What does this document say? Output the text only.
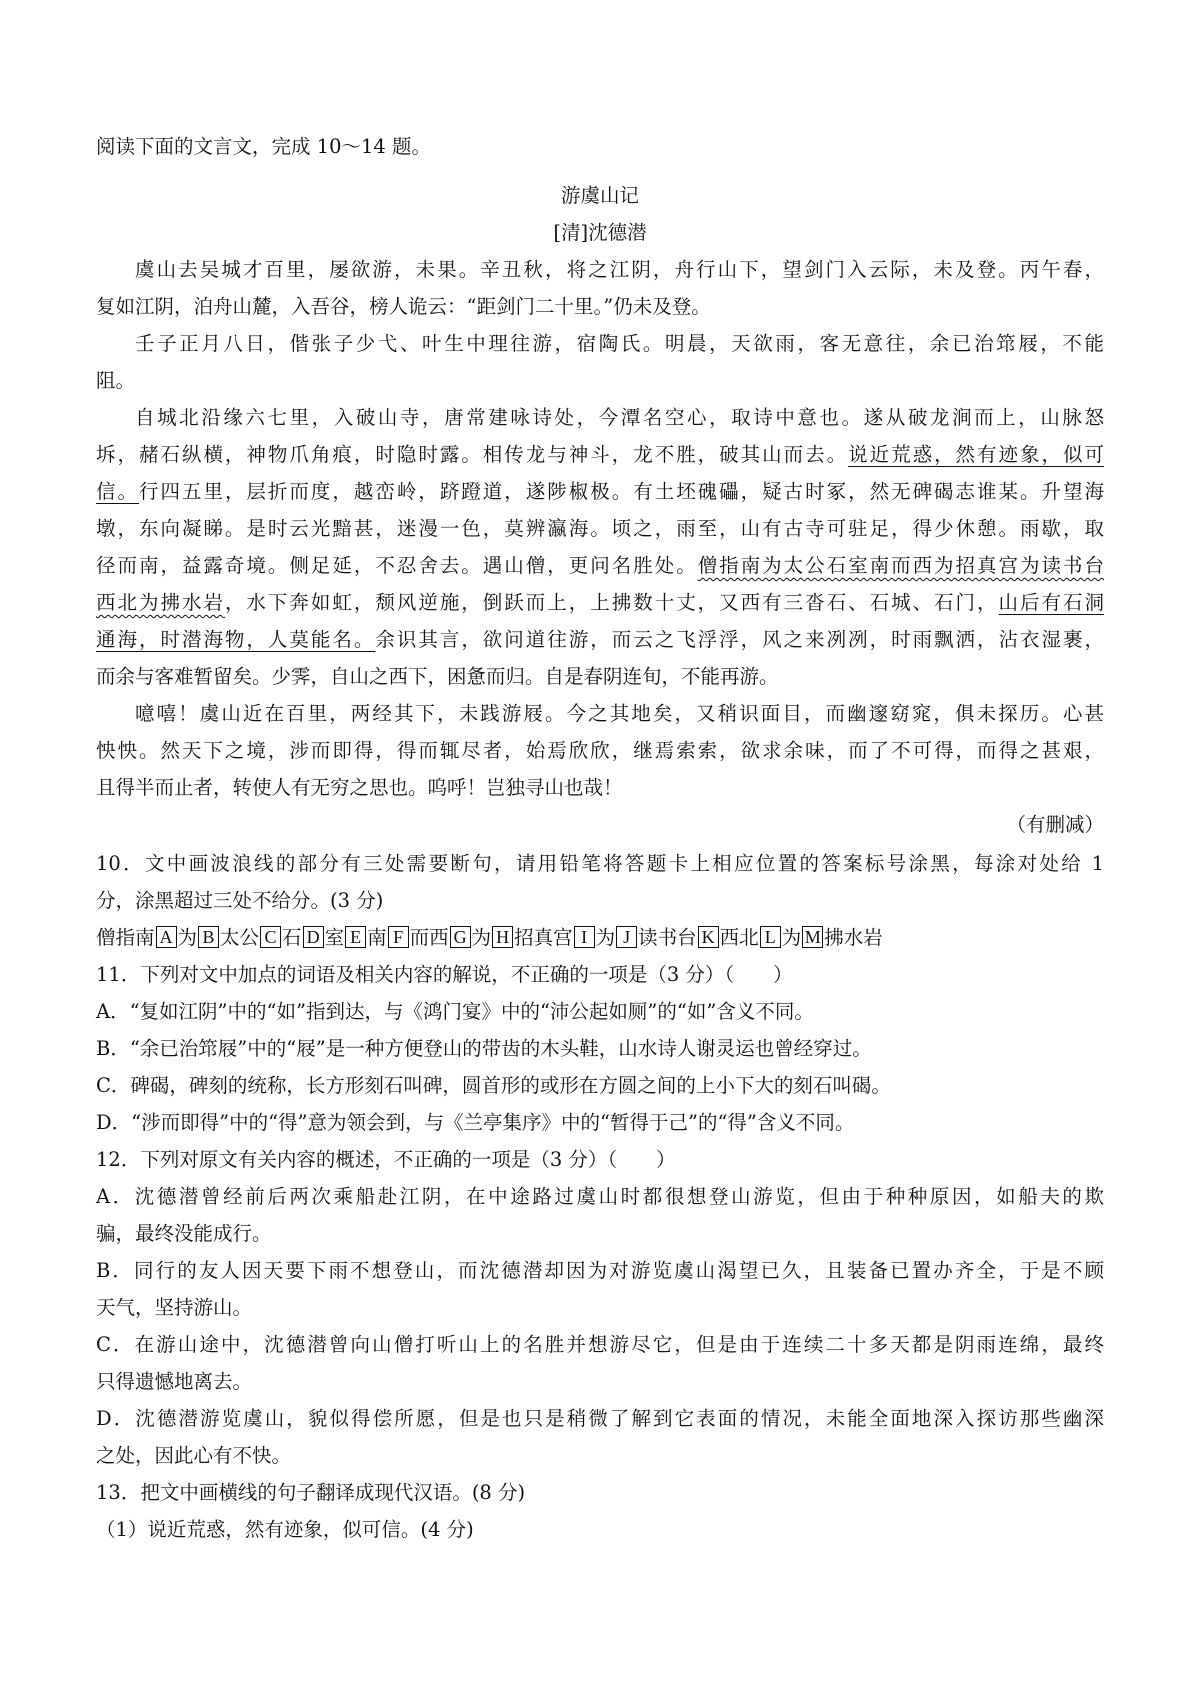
阅读下面的文言文，完成 10～14 题。
游虞山记
[清]沈德潜
虞山去吴城才百里，屡欲游，未果。辛丑秋，将之江阴，舟行山下，望剑门入云际，未及登。丙午春，
复如江阴，泊舟山麓，入吾谷，榜人诡云：“距剑门二十里。”仍未及登。
壬子正月八日，偕张子少弋、叶生中理往游，宿陶氏。明晨，天欲雨，客无意往，余已治筇屐，不能
阻。
自城北沿缘六七里，入破山寺，唐常建咏诗处，今潭名空心，取诗中意也。遂从破龙涧而上，山脉怒
坼，赭石纵横，神物爪角痕，时隐时露。相传龙与神斗，龙不胜，破其山而去。说近荒惑，然有迹象，似可
信。行四五里，层折而度，越峦岭，跻蹬道，遂陟椒极。有土坯磈礧，疑古时冢，然无碑碣志谁某。升望海
墩，东向凝睇。是时云光黯甚，迷漫一色，莫辨瀛海。顷之，雨至，山有古寺可驻足，得少休憩。雨歇，取
径而南，益露奇境。侧足延，不忍舍去。遇山僧，更问名胜处。僧指南为太公石室南而西为招真宫为读书台
西北为拂水岩，水下奔如虹，颓风逆施，倒跃而上，上拂数十丈，又西有三沓石、石城、石门，山后有石洞
通海，时潜海物，人莫能名。余识其言，欲问道往游，而云之飞浮浮，风之来冽冽，时雨飘洒，沾衣湿裹，
而余与客难暂留矣。少霁，自山之西下，困惫而归。自是春阴连旬，不能再游。
噫嘻！虞山近在百里，两经其下，未践游屐。今之其地矣，又稍识面目，而幽邃窈窕，俱未探历。心甚
怏怏。然天下之境，涉而即得，得而辄尽者，始焉欣欣，继焉索索，欲求余味，而了不可得，而得之甚艰，
且得半而止者，转使人有无穷之思也。呜呼！岂独寻山也哉！
（有删减）
10．文中画波浪线的部分有三处需要断句，请用铅笔将答题卡上相应位置的答案标号涂黑，每涂对处给 1
分，涂黑超过三处不给分。(3 分)
僧指南 A 为 B 太公 C 石 D 室 E 南 F 而西 G 为 H 招真宫 I 为 J 读书台 K 西北 L 为 M 拂水岩
11．下列对文中加点的词语及相关内容的解说，不正确的一项是（3 分）（　　）
A．“复如江阴”中的“如”指到达，与《鸿门宴》中的“沛公起如厕”的“如”含义不同。
B．“余已治筇屐”中的“屐”是一种方便登山的带齿的木头鞋，山水诗人谢灵运也曾经穿过。
C．碑碣，碑刻的统称，长方形刻石叫碑，圆首形的或形在方圆之间的上小下大的刻石叫碣。
D．“涉而即得”中的“得”意为领会到，与《兰亭集序》中的“暂得于己”的“得”含义不同。
12．下列对原文有关内容的概述，不正确的一项是（3 分）（　　）
A．沈德潜曾经前后两次乘船赴江阴，在中途路过虞山时都很想登山游览，但由于种种原因，如船夫的欺
骗，最终没能成行。
B．同行的友人因天要下雨不想登山，而沈德潜却因为对游览虞山渴望已久，且装备已置办齐全，于是不顾
天气，坚持游山。
C．在游山途中，沈德潜曾向山僧打听山上的名胜并想游尽它，但是由于连续二十多天都是阴雨连绵，最终
只得遗憾地离去。
D．沈德潜游览虞山，貌似得偿所愿，但是也只是稍微了解到它表面的情况，未能全面地深入探访那些幽深
之处，因此心有不快。
13．把文中画横线的句子翻译成现代汉语。(8 分)
（1）说近荒惑，然有迹象，似可信。(4 分)
